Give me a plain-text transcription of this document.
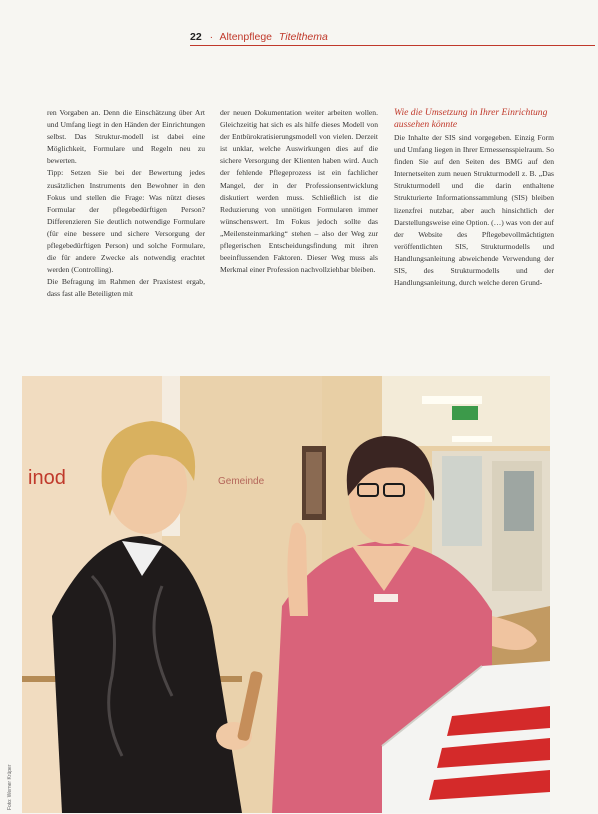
22 · Altenpflege Titelthema

ren Vorgaben an. Denn die Einschätzung über Art und Umfang liegt in den Händen der Einrichtungen selbst. Das Struktur-modell ist dabei eine Möglichkeit, Formulare und Regeln neu zu bewerten.

Tipp: Setzen Sie bei der Bewertung jedes zusätzlichen Instruments den Bewohner in den Fokus und stellen die Frage: Was nützt dieses Formular der pflegebedürftigen Person? Differenzieren Sie deutlich notwendige Formulare (für eine bessere und sichere Versorgung der pflegebedürftigen Person) und solche Formulare, die für andere Zwecke als notwendig erachtet werden (Controlling).

Die Befragung im Rahmen der Praxistest ergab, dass fast alle Beteiligten mit

der neuen Dokumentation weiter arbeiten wollen. Gleichzeitig hat sich es als hilfe dieses Modell von der Entbürokratisierungsmodell von vielen. Derzeit ist unklar, welche Auswirkungen dies auf die sichere Versorgung der Klienten haben wird. Auch der fehlende Pflegeprozess ist ein fachlicher Mangel, der in der Professionsentwicklung diskutiert werden muss. Schließlich ist die Reduzierung von unnötigen Formularen immer wünschenswert. Im Fokus jedoch sollte das „Meilensteinmarking“ stehen – also der Weg zur pflegerischen Entscheidungsfindung mit ihren beeinflussenden Faktoren. Dieser Weg muss als Merkmal einer Profession nachvollziehbar bleiben.

Wie die Umsetzung in Ihrer Einrichtung aussehen könnte

Die Inhalte der SIS sind vorgegeben. Einzig Form und Umfang liegen in Ihrer Ermessensspielraum. So finden Sie auf den Seiten des BMG auf den Internetseiten zum neuen Strukturmodell z. B. „Das Strukturmodell und die darin enthaltene Strukturierte Informationssammlung (SIS) bleiben lizenzfrei nutzbar, aber auch hinsichtlich der Darstellungsweise eine Option. (…) was von der auf der Website des Pflegebevollmächtigten veröffentlichten SIS, Strukturmodells und Handlungsanleitung abweichende Verwendung der SIS, des Strukturmodells und der Handlungsanleitung, durch welche deren Grund-

inod	Gemeinde
Foto: Werner Krüper
